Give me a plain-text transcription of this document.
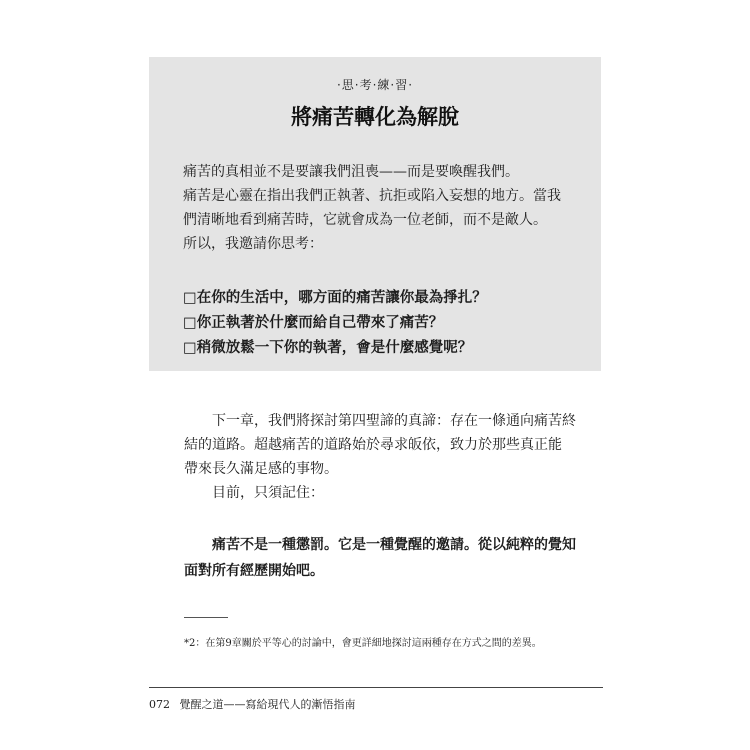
·思·考·練·習·
將痛苦轉化為解脫

痛苦的真相並不是要讓我們沮喪——而是要喚醒我們。
痛苦是心靈在指出我們正執著、抗拒或陷入妄想的地方。當我
們清晰地看到痛苦時，它就會成為一位老師，而不是敵人。
所以，我邀請你思考：

□在你的生活中，哪方面的痛苦讓你最為掙扎？
□你正執著於什麼而給自己帶來了痛苦？
□稍微放鬆一下你的執著，會是什麼感覺呢？

下一章，我們將探討第四聖諦的真諦：存在一條通向痛苦終
結的道路。超越痛苦的道路始於尋求皈依，致力於那些真正能
帶來長久滿足感的事物。

目前，只須記住：

痛苦不是一種懲罰。它是一種覺醒的邀請。從以純粹的覺知
面對所有經歷開始吧。

*2：在第9章關於平等心的討論中，會更詳細地探討這兩種存在方式之間的差異。

072 覺醒之道——寫給現代人的漸悟指南
